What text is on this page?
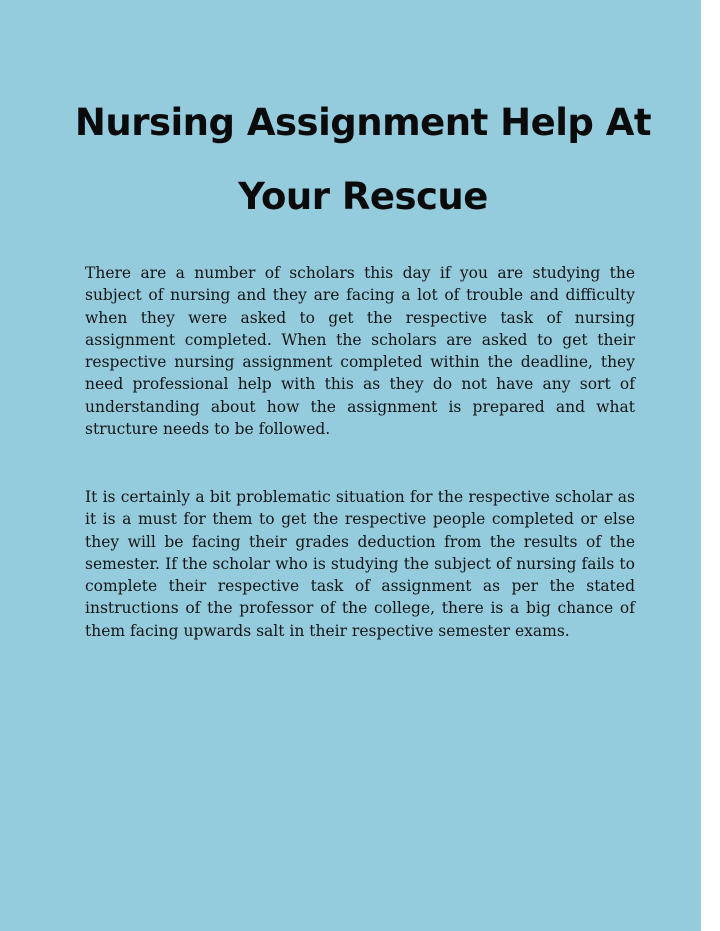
Nursing Assignment Help At Your Rescue

There are a number of scholars this day if you are studying the subject of nursing and they are facing a lot of trouble and difficulty when they were asked to get the respective task of nursing assignment completed. When the scholars are asked to get their respective nursing assignment completed within the deadline, they need professional help with this as they do not have any sort of understanding about how the assignment is prepared and what structure needs to be followed.

It is certainly a bit problematic situation for the respective scholar as it is a must for them to get the respective people completed or else they will be facing their grades deduction from the results of the semester. If the scholar who is studying the subject of nursing fails to complete their respective task of assignment as per the stated instructions of the professor of the college, there is a big chance of them facing upwards salt in their respective semester exams.
